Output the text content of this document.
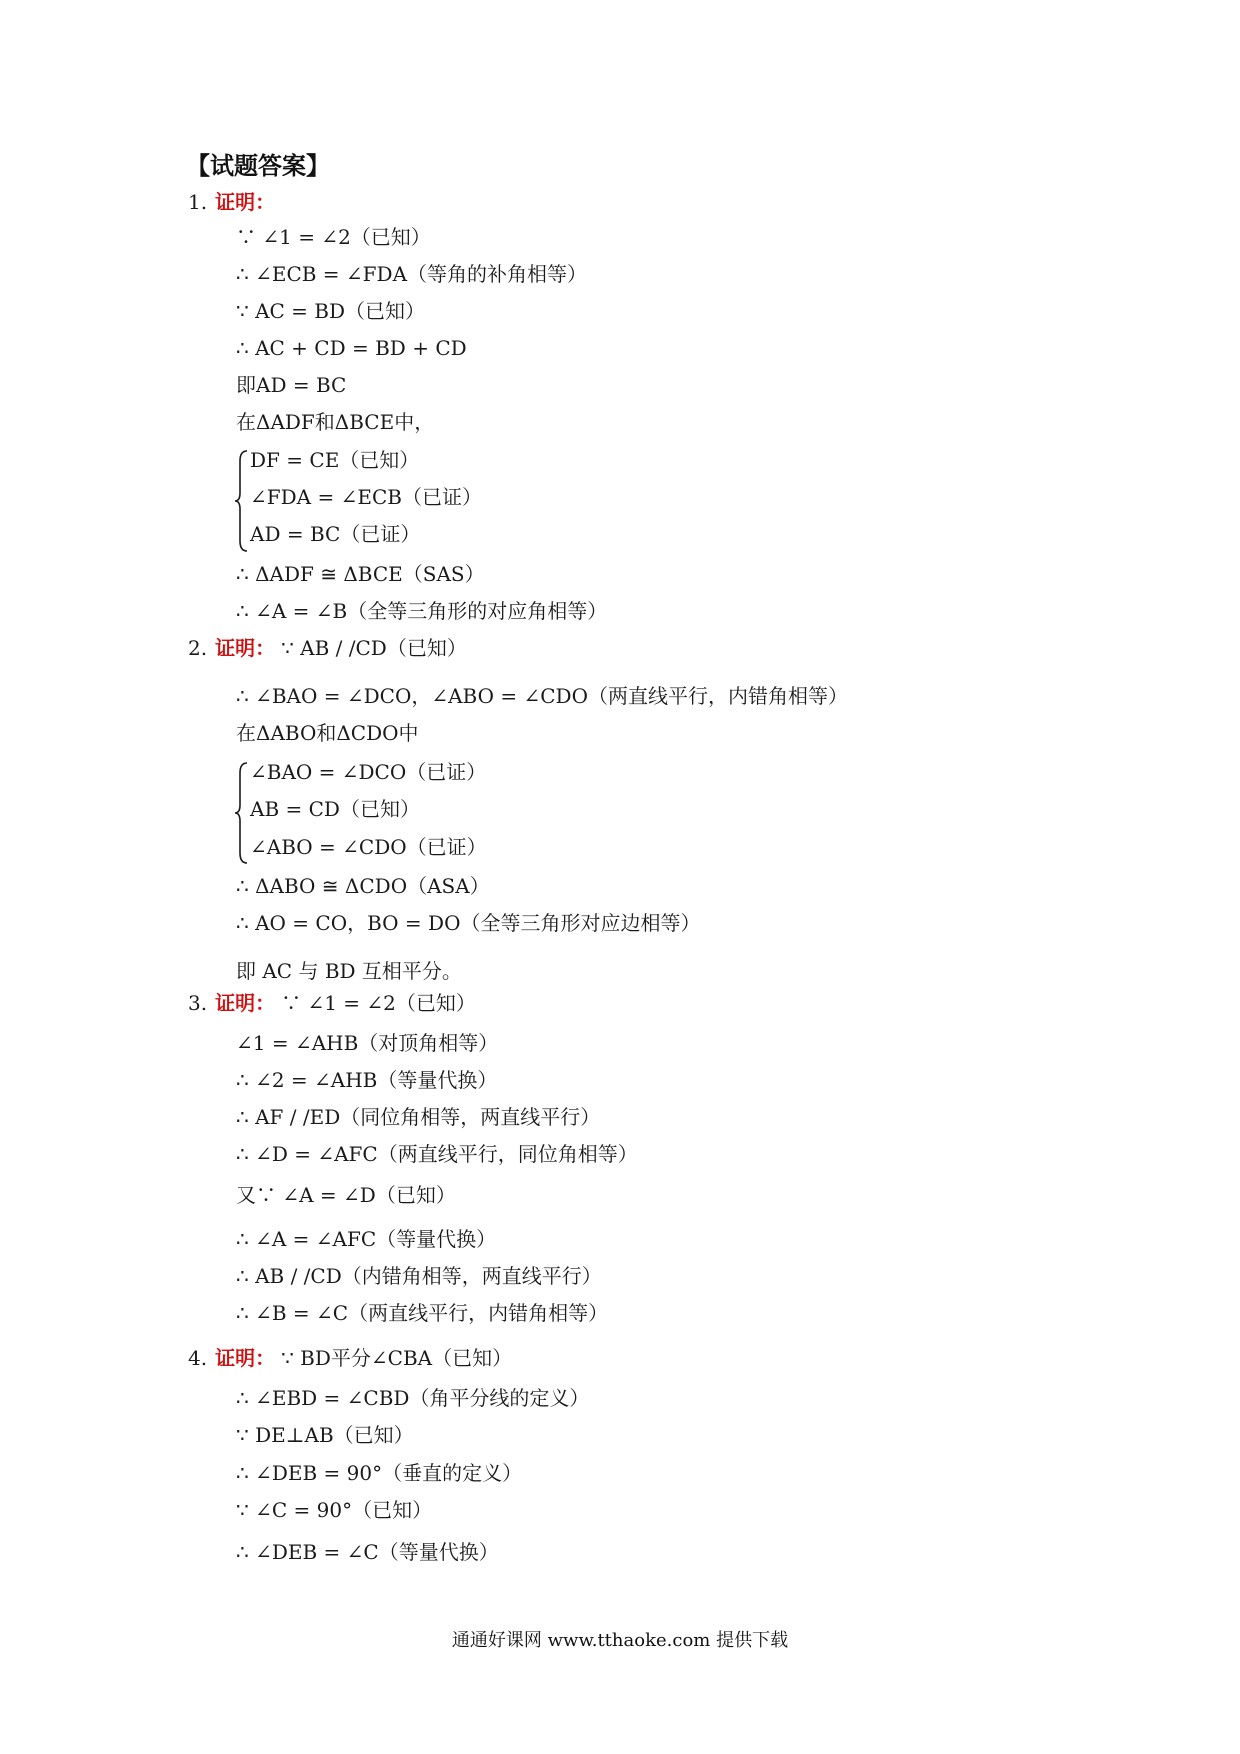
【试题答案】
1. 证明：
∵ ∠1 = ∠2（已知）
∴ ∠ECB = ∠FDA（等角的补角相等）
∵ AC = BD（已知）
∴ AC + CD = BD + CD
即AD = BC
在ΔADF和ΔBCE中，
DF = CE（已知）
∠FDA = ∠ECB（已证）
AD = BC（已证）
∴ ΔADF ≅ ΔBCE（SAS）
∴ ∠A = ∠B（全等三角形的对应角相等）
2. 证明： ∵ AB / /CD（已知）
∴ ∠BAO = ∠DCO，∠ABO = ∠CDO（两直线平行，内错角相等）
在ΔABO和ΔCDO中
∠BAO = ∠DCO（已证）
AB = CD（已知）
∠ABO = ∠CDO（已证）
∴ ΔABO ≅ ΔCDO（ASA）
∴ AO = CO，BO = DO（全等三角形对应边相等）
即 AC 与 BD 互相平分。
3. 证明： ∵ ∠1 = ∠2（已知）
∠1 = ∠AHB（对顶角相等）
∴ ∠2 = ∠AHB（等量代换）
∴ AF / /ED（同位角相等，两直线平行）
∴ ∠D = ∠AFC（两直线平行，同位角相等）
又∵ ∠A = ∠D（已知）
∴ ∠A = ∠AFC（等量代换）
∴ AB / /CD（内错角相等，两直线平行）
∴ ∠B = ∠C（两直线平行，内错角相等）
4. 证明： ∵ BD平分∠CBA（已知）
∴ ∠EBD = ∠CBD（角平分线的定义）
∵ DE⊥AB（已知）
∴ ∠DEB = 90°（垂直的定义）
∵ ∠C = 90°（已知）
∴ ∠DEB = ∠C（等量代换）
通通好课网 www.tthaoke.com 提供下载
